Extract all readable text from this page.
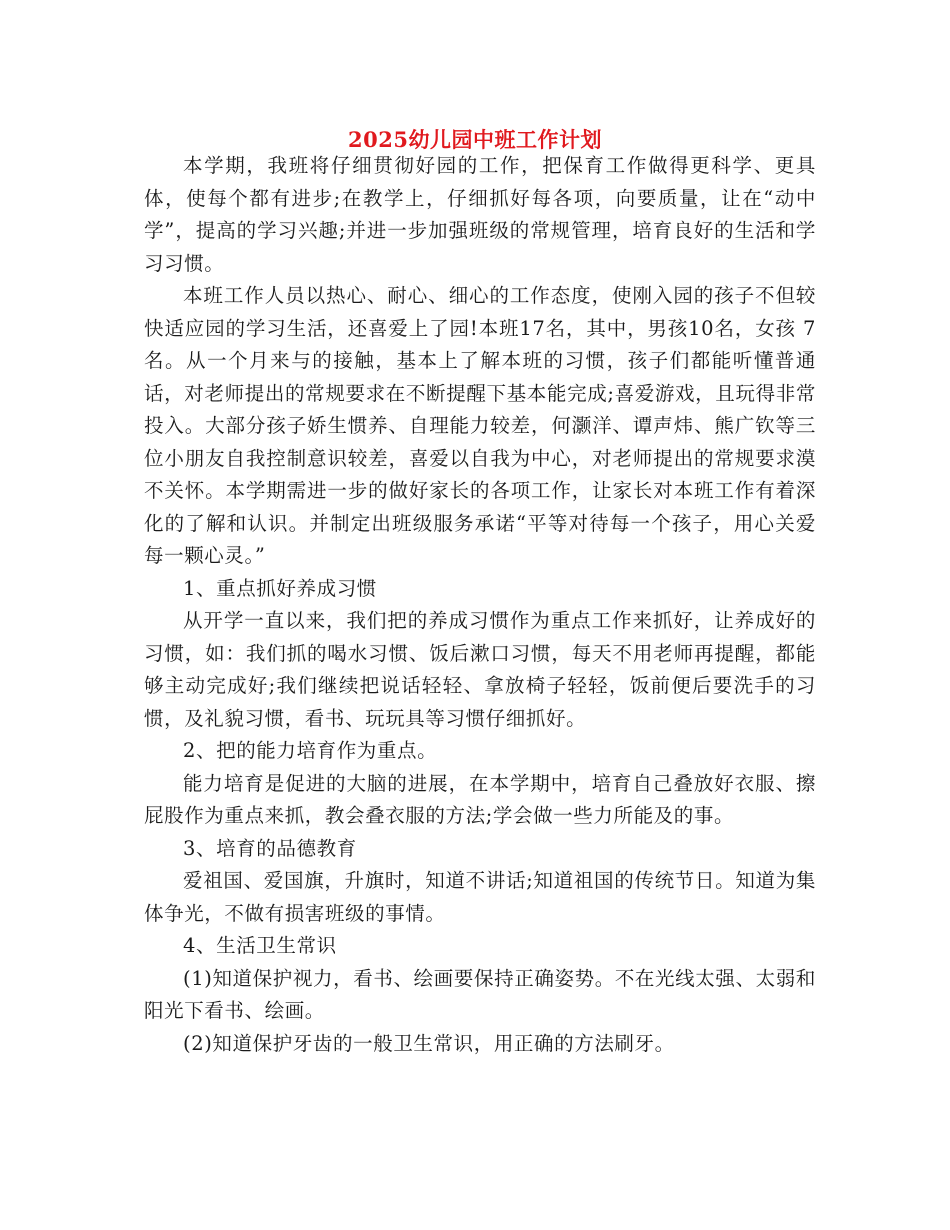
2025幼儿园中班工作计划

本学期，我班将仔细贯彻好园的工作，把保育工作做得更科学、更具体，使每个都有进步;在教学上，仔细抓好每各项，向要质量，让在“动中学”，提高的学习兴趣;并进一步加强班级的常规管理，培育良好的生活和学习习惯。

本班工作人员以热心、耐心、细心的工作态度，使刚入园的孩子不但较快适应园的学习生活，还喜爱上了园!本班17名，其中，男孩10名，女孩 7名。从一个月来与的接触，基本上了解本班的习惯，孩子们都能听懂普通话，对老师提出的常规要求在不断提醒下基本能完成;喜爱游戏，且玩得非常投入。大部分孩子娇生惯养、自理能力较差，何灏洋、谭声炜、熊广钦等三位小朋友自我控制意识较差，喜爱以自我为中心，对老师提出的常规要求漠不关怀。本学期需进一步的做好家长的各项工作，让家长对本班工作有着深化的了解和认识。并制定出班级服务承诺“平等对待每一个孩子，用心关爱每一颗心灵。”

1、重点抓好养成习惯

从开学一直以来，我们把的养成习惯作为重点工作来抓好，让养成好的习惯，如：我们抓的喝水习惯、饭后漱口习惯，每天不用老师再提醒，都能够主动完成好;我们继续把说话轻轻、拿放椅子轻轻，饭前便后要洗手的习惯，及礼貌习惯，看书、玩玩具等习惯仔细抓好。

2、把的能力培育作为重点。

能力培育是促进的大脑的进展，在本学期中，培育自己叠放好衣服、擦屁股作为重点来抓，教会叠衣服的方法;学会做一些力所能及的事。

3、培育的品德教育

爱祖国、爱国旗，升旗时，知道不讲话;知道祖国的传统节日。知道为集体争光，不做有损害班级的事情。

4、生活卫生常识

(1)知道保护视力，看书、绘画要保持正确姿势。不在光线太强、太弱和阳光下看书、绘画。

(2)知道保护牙齿的一般卫生常识，用正确的方法刷牙。
